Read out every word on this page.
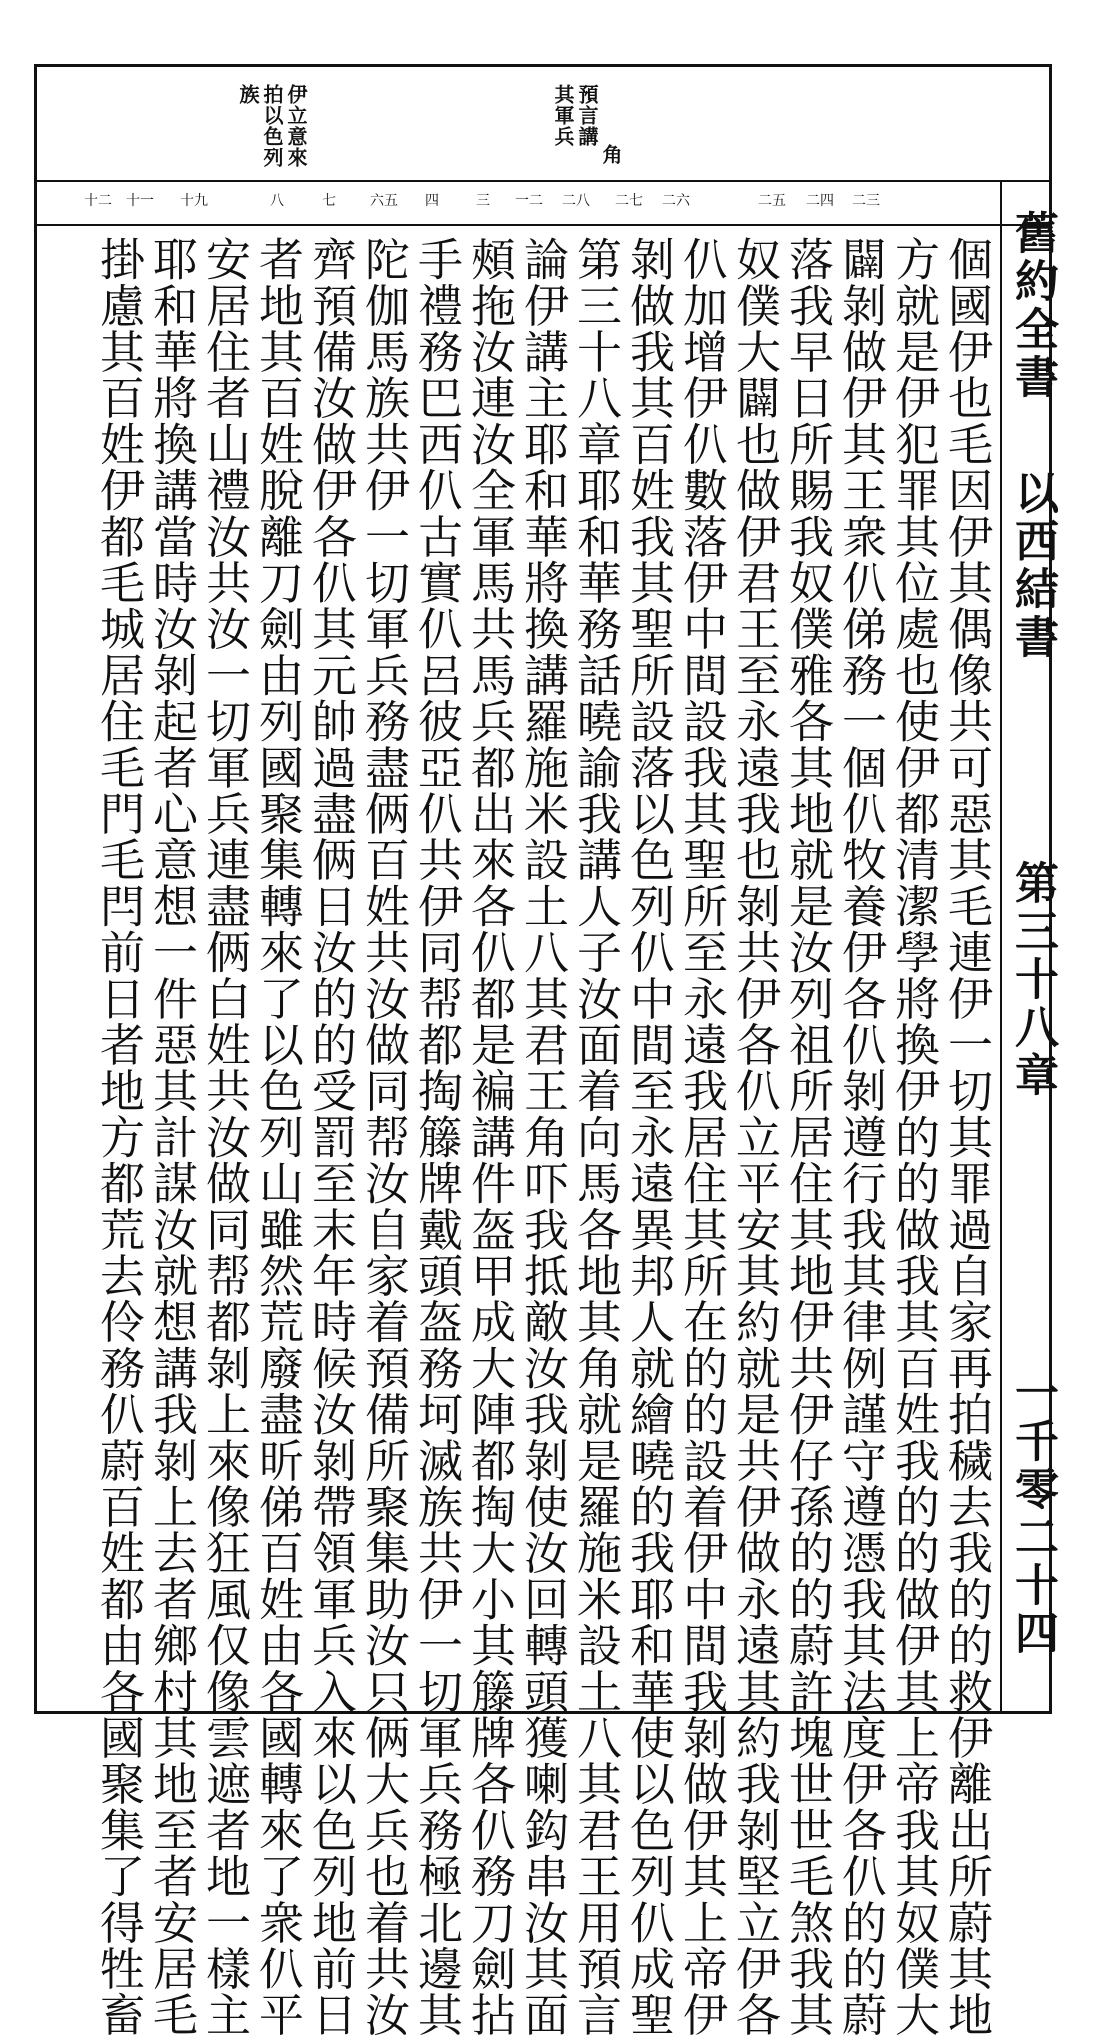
預言講
其軍兵
角
伊立意來
拍以色列
族
舊約全書
以西結書
第三十八章
一千零二十四
十二 十一 十九	八	七 六五 四	三 一二 二八 二七 二六	二五 二四 二三
個國伊也毛因伊其偶像共可惡其毛連伊一切其罪過自家再拍穢去我的的救伊離出所蔚其地
方就是伊犯罪其位處也使伊都清潔學將換伊的的做我其百姓我的的做伊其上帝我其奴僕大
闢剝做伊其王衆仈俤務一個仈牧養伊各仈剝遵行我其律例謹守遵憑我其法度伊各仈的的蔚
落我早日所賜我奴僕雅各其地就是汝列祖所居住其地伊共伊仔孫的的蔚許塊世世毛煞我其
奴僕大闢也做伊君王至永遠我也剝共伊各仈立平安其約就是共伊做永遠其約我剝堅立伊各
仈加增伊仈數落伊中間設我其聖所至永遠我居住其所在的的設着伊中間我剝做伊其上帝伊
剝做我其百姓我其聖所設落以色列仈中間至永遠異邦人就繪曉的我耶和華使以色列仈成聖
第三十八章耶和華務話曉諭我講人子汝面着向馬各地其角就是羅施米設土八其君王用預言
論伊講主耶和華將換講羅施米設土八其君王角吓我抵敵汝我剝使汝回轉頭獲喇鈎串汝其面
頰拖汝連汝全軍馬共馬兵都出來各仈都是褊講件盔甲成大陣都掏大小其籐牌各仈務刀劍拈
手禮務巴西仈古實仈呂彼亞仈共伊同帮都掏籐牌戴頭盔務坷滅族共伊一切軍兵務極北邊其
陀伽馬族共伊一切軍兵務盡俩百姓共汝做同帮汝自家着預備所聚集助汝只俩大兵也着共汝
齊預備汝做伊各仈其元帥過盡俩日汝的的受罰至末年時候汝剝帶領軍兵入來以色列地前日
者地其百姓脫離刀劍由列國聚集轉來了以色列山雖然荒廢盡昕俤百姓由各國轉來了衆仈平
安居住者山禮汝共汝一切軍兵連盡俩白姓共汝做同帮都剝上來像狂風仅像雲遮者地一樣主
耶和華將換講當時汝剝起者心意想一件惡其計謀汝就想講我剝上去者鄉村其地至者安居毛
掛慮其百姓伊都毛城居住毛門毛閂前日者地方都荒去伶務仈蔚百姓都由各國聚集了得牲畜
